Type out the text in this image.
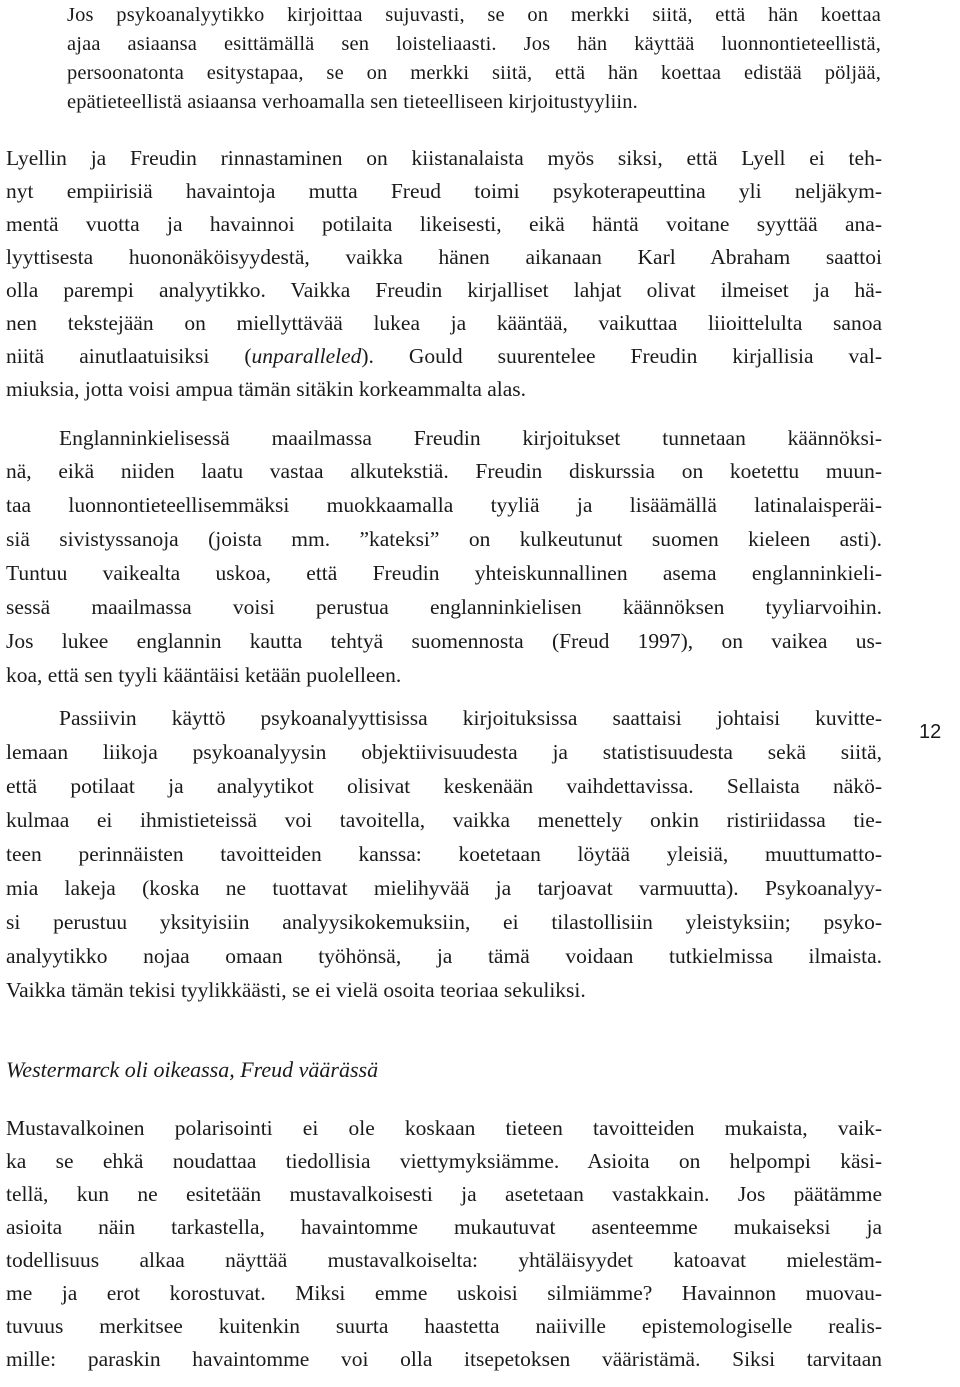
Jos psykoanalyytikko kirjoittaa sujuvasti, se on merkki siitä, että hän koettaa
ajaa asiaansa esittämällä sen loisteliaasti. Jos hän käyttää luonnontieteellistä,
persoonatonta esitystapaa, se on merkki siitä, että hän koettaa edistää pöljää,
epätieteellistä asiaansa verhoamalla sen tieteelliseen kirjoitustyyliin.
Lyellin ja Freudin rinnastaminen on kiistanalaista myös siksi, että Lyell ei teh-
nyt empiirisiä havaintoja mutta Freud toimi psykoterapeuttina yli neljäkym-
mentä vuotta ja havainnoi potilaita likeisesti, eikä häntä voitane syyttää ana-
lyyttisesta huononäköisyydestä, vaikka hänen aikanaan Karl Abraham saattoi
olla parempi analyytikko. Vaikka Freudin kirjalliset lahjat olivat ilmeiset ja hä-
nen tekstejään on miellyttävää lukea ja kääntää, vaikuttaa liioittelulta sanoa
niitä ainutlaatuisiksi (unparalleled). Gould suurentelee Freudin kirjallisia val-
miuksia, jotta voisi ampua tämän sitäkin korkeammalta alas.
Englanninkielisessä maailmassa Freudin kirjoitukset tunnetaan käännöksi-
nä, eikä niiden laatu vastaa alkutekstiä. Freudin diskurssia on koetettu muun-
taa luonnontieteellisemmäksi muokkaamalla tyyliä ja lisäämällä latinalaisperäi-
siä sivistyssanoja (joista mm. ”kateksi” on kulkeutunut suomen kieleen asti).
Tuntuu vaikealta uskoa, että Freudin yhteiskunnallinen asema englanninkieli-
sessä maailmassa voisi perustua englanninkielisen käännöksen tyyliarvoihin.
Jos lukee englannin kautta tehtyä suomennosta (Freud 1997), on vaikea us-
koa, että sen tyyli kääntäisi ketään puolelleen.
Passiivin käyttö psykoanalyyttisissa kirjoituksissa saattaisi johtaisi kuvitte-
lemaan liikoja psykoanalyysin objektiivisuudesta ja statistisuudesta sekä siitä,
että potilaat ja analyytikot olisivat keskenään vaihdettavissa. Sellaista näkö-
kulmaa ei ihmistieteissä voi tavoitella, vaikka menettely onkin ristiriidassa tie-
teen perinnäisten tavoitteiden kanssa: koetetaan löytää yleisiä, muuttumatto-
mia lakeja (koska ne tuottavat mielihyvää ja tarjoavat varmuutta). Psykoanalyy-
si perustuu yksityisiin analyysikokemuksiin, ei tilastollisiin yleistyksiin; psyko-
analyytikko nojaa omaan työhönsä, ja tämä voidaan tutkielmissa ilmaista.
Vaikka tämän tekisi tyylikkäästi, se ei vielä osoita teoriaa sekuliksi.
Westermarck oli oikeassa, Freud väärässä
Mustavalkoinen polarisointi ei ole koskaan tieteen tavoitteiden mukaista, vaik-
ka se ehkä noudattaa tiedollisia viettymyksiämme. Asioita on helpompi käsi-
tellä, kun ne esitetään mustavalkoisesti ja asetetaan vastakkain. Jos päätämme
asioita näin tarkastella, havaintomme mukautuvat asenteemme mukaiseksi ja
todellisuus alkaa näyttää mustavalkoiselta: yhtäläisyydet katoavat mielestäm-
me ja erot korostuvat. Miksi emme uskoisi silmiämme? Havainnon muovau-
tuvuus merkitsee kuitenkin suurta haastetta naiiville epistemologiselle realis-
mille: paraskin havaintomme voi olla itsepetoksen vääristämä. Siksi tarvitaan
12
